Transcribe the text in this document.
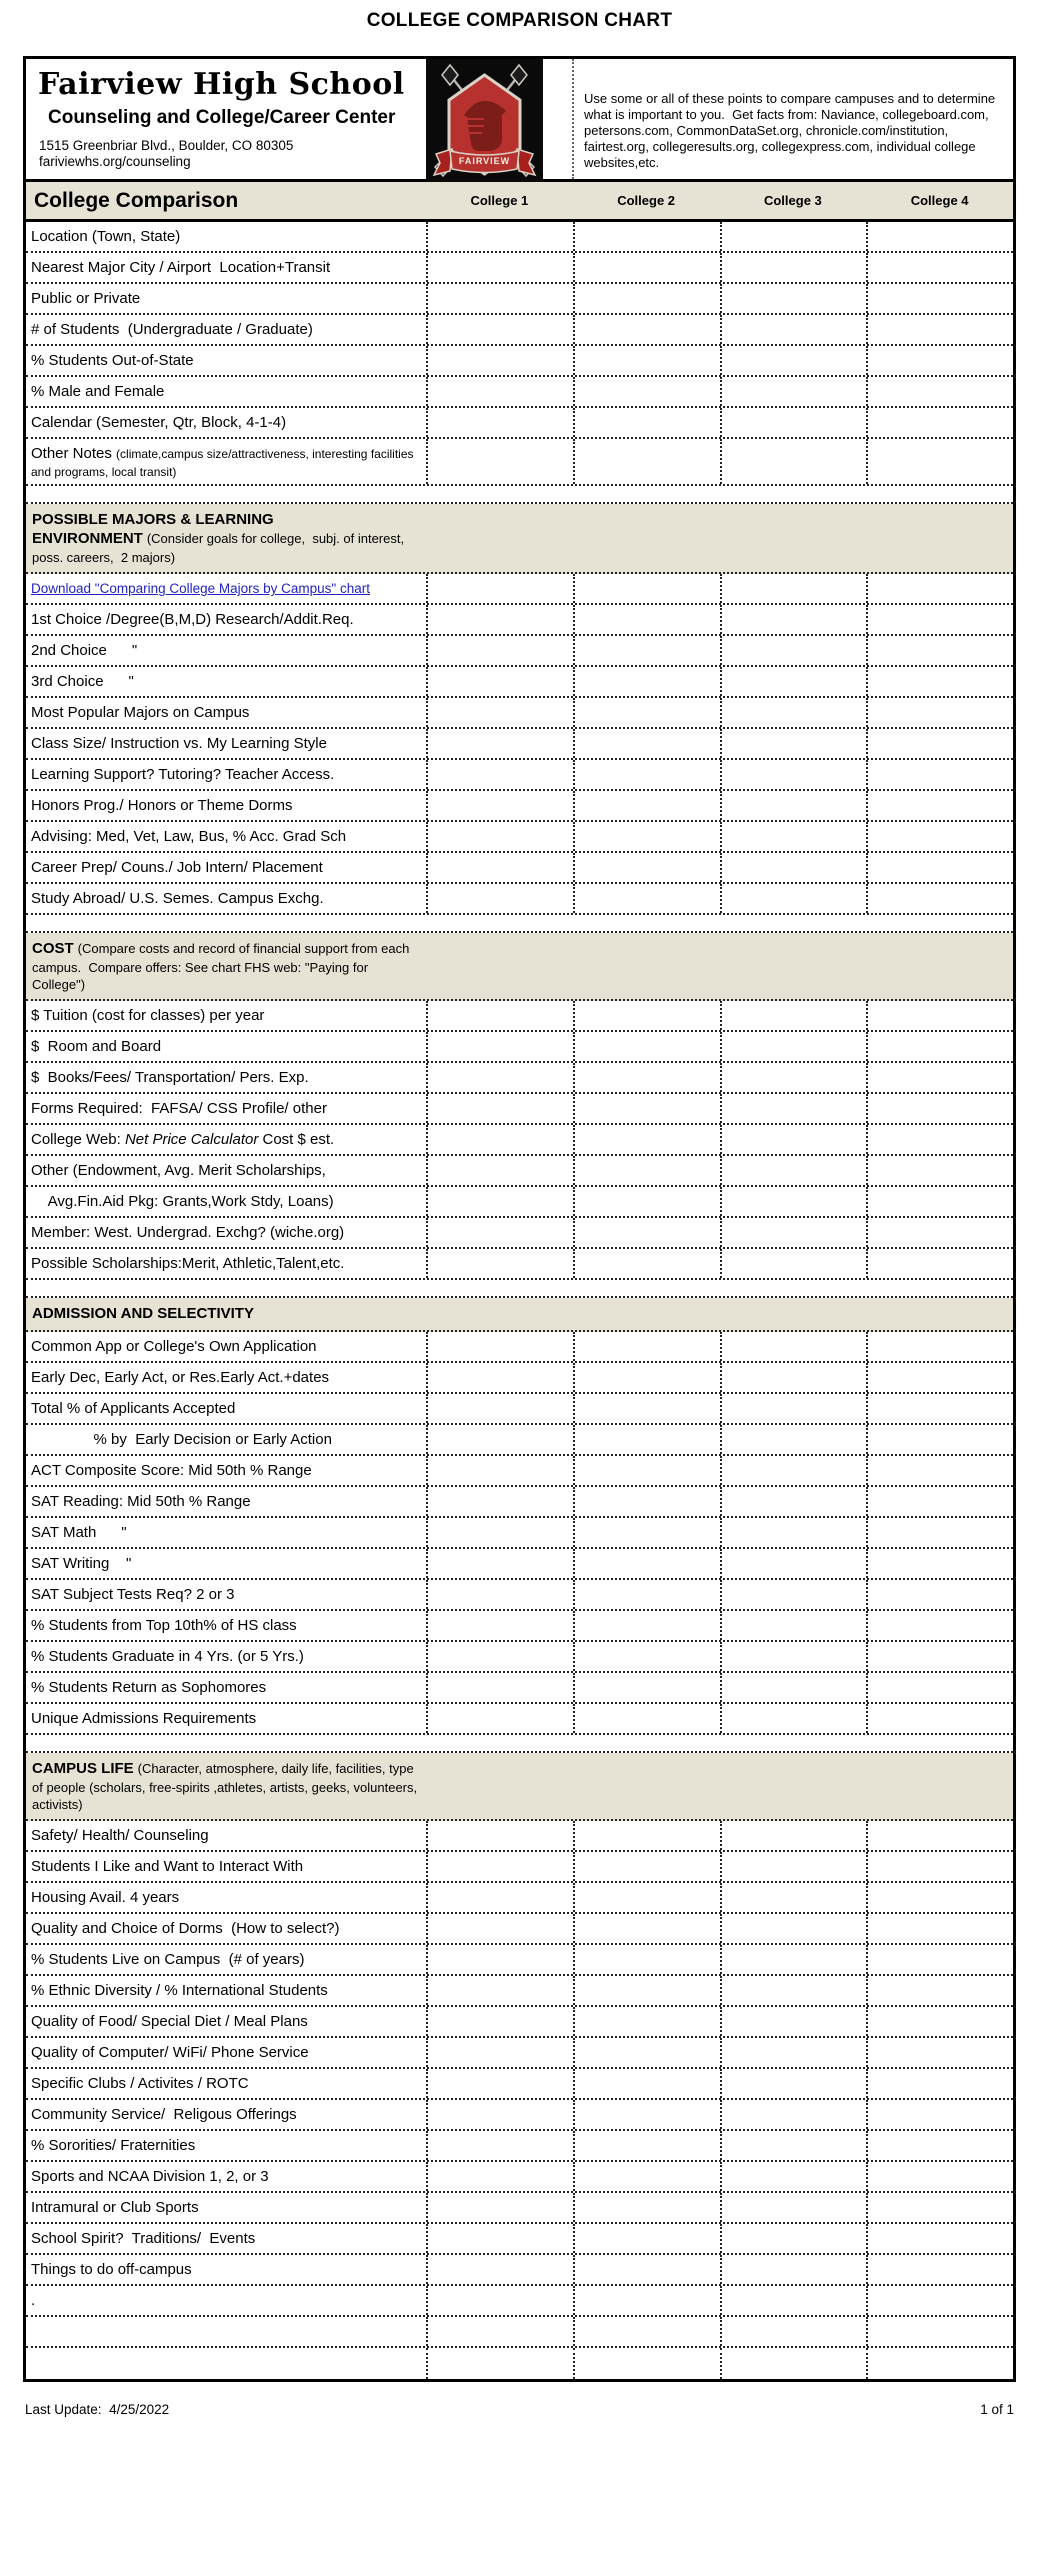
COLLEGE COMPARISON CHART
Fairview High School
Counseling and College/Career Center
1515 Greenbriar Blvd., Boulder, CO 80305
fariviewhs.org/counseling	FAIRVIEW
Use some or all of these points to compare campuses and to determine what is important to you.  Get facts from: Naviance, collegeboard.com, petersons.com, CommonDataSet.org, chronicle.com/institution, fairtest.org, collegeresults.org, collegexpress.com, individual college websites,etc.
College Comparison	College 1	College 2	College 3	College 4
Location (Town, State)
Nearest Major City / Airport  Location+Transit
Public or Private
# of Students  (Undergraduate / Graduate)
% Students Out-of-State
% Male and Female
Calendar (Semester, Qtr, Block, 4-1-4)
Other Notes (climate,campus size/attractiveness, interesting facilities and programs, local transit)
POSSIBLE MAJORS & LEARNING ENVIRONMENT (Consider goals for college,  subj. of interest,  poss. careers,  2 majors)
Download "Comparing College Majors by Campus" chart
1st Choice /Degree(B,M,D) Research/Addit.Req.
2nd Choice      "
3rd Choice      "
Most Popular Majors on Campus
Class Size/ Instruction vs. My Learning Style
Learning Support? Tutoring? Teacher Access.
Honors Prog./ Honors or Theme Dorms
Advising: Med, Vet, Law, Bus, % Acc. Grad Sch
Career Prep/ Couns./ Job Intern/ Placement
Study Abroad/ U.S. Semes. Campus Exchg.
COST (Compare costs and record of financial support from each campus.  Compare offers: See chart FHS web: "Paying for College")
$ Tuition (cost for classes) per year
$  Room and Board
$  Books/Fees/ Transportation/ Pers. Exp.
Forms Required:  FAFSA/ CSS Profile/ other
College Web: Net Price Calculator Cost $ est.
Other (Endowment, Avg. Merit Scholarships,
Avg.Fin.Aid Pkg: Grants,Work Stdy, Loans)
Member: West. Undergrad. Exchg? (wiche.org)
Possible Scholarships:Merit, Athletic,Talent,etc.
ADMISSION AND SELECTIVITY
Common App or College's Own Application
Early Dec, Early Act, or Res.Early Act.+dates
Total % of Applicants Accepted
% by  Early Decision or Early Action
ACT Composite Score: Mid 50th % Range
SAT Reading: Mid 50th % Range
SAT Math      "
SAT Writing    "
SAT Subject Tests Req? 2 or 3
% Students from Top 10th% of HS class
% Students Graduate in 4 Yrs. (or 5 Yrs.)
% Students Return as Sophomores
Unique Admissions Requirements
CAMPUS LIFE (Character, atmosphere, daily life, facilities, type of people (scholars, free-spirits ,athletes, artists, geeks, volunteers, activists)
Safety/ Health/ Counseling
Students I Like and Want to Interact With
Housing Avail. 4 years
Quality and Choice of Dorms  (How to select?)
% Students Live on Campus  (# of years)
% Ethnic Diversity / % International Students
Quality of Food/ Special Diet / Meal Plans
Quality of Computer/ WiFi/ Phone Service
Specific Clubs / Activites / ROTC
Community Service/  Religous Offerings
% Sororities/ Fraternities
Sports and NCAA Division 1, 2, or 3
Intramural or Club Sports
School Spirit?  Traditions/  Events
Things to do off-campus
.
Last Update: 4/25/2022	1 of 1
